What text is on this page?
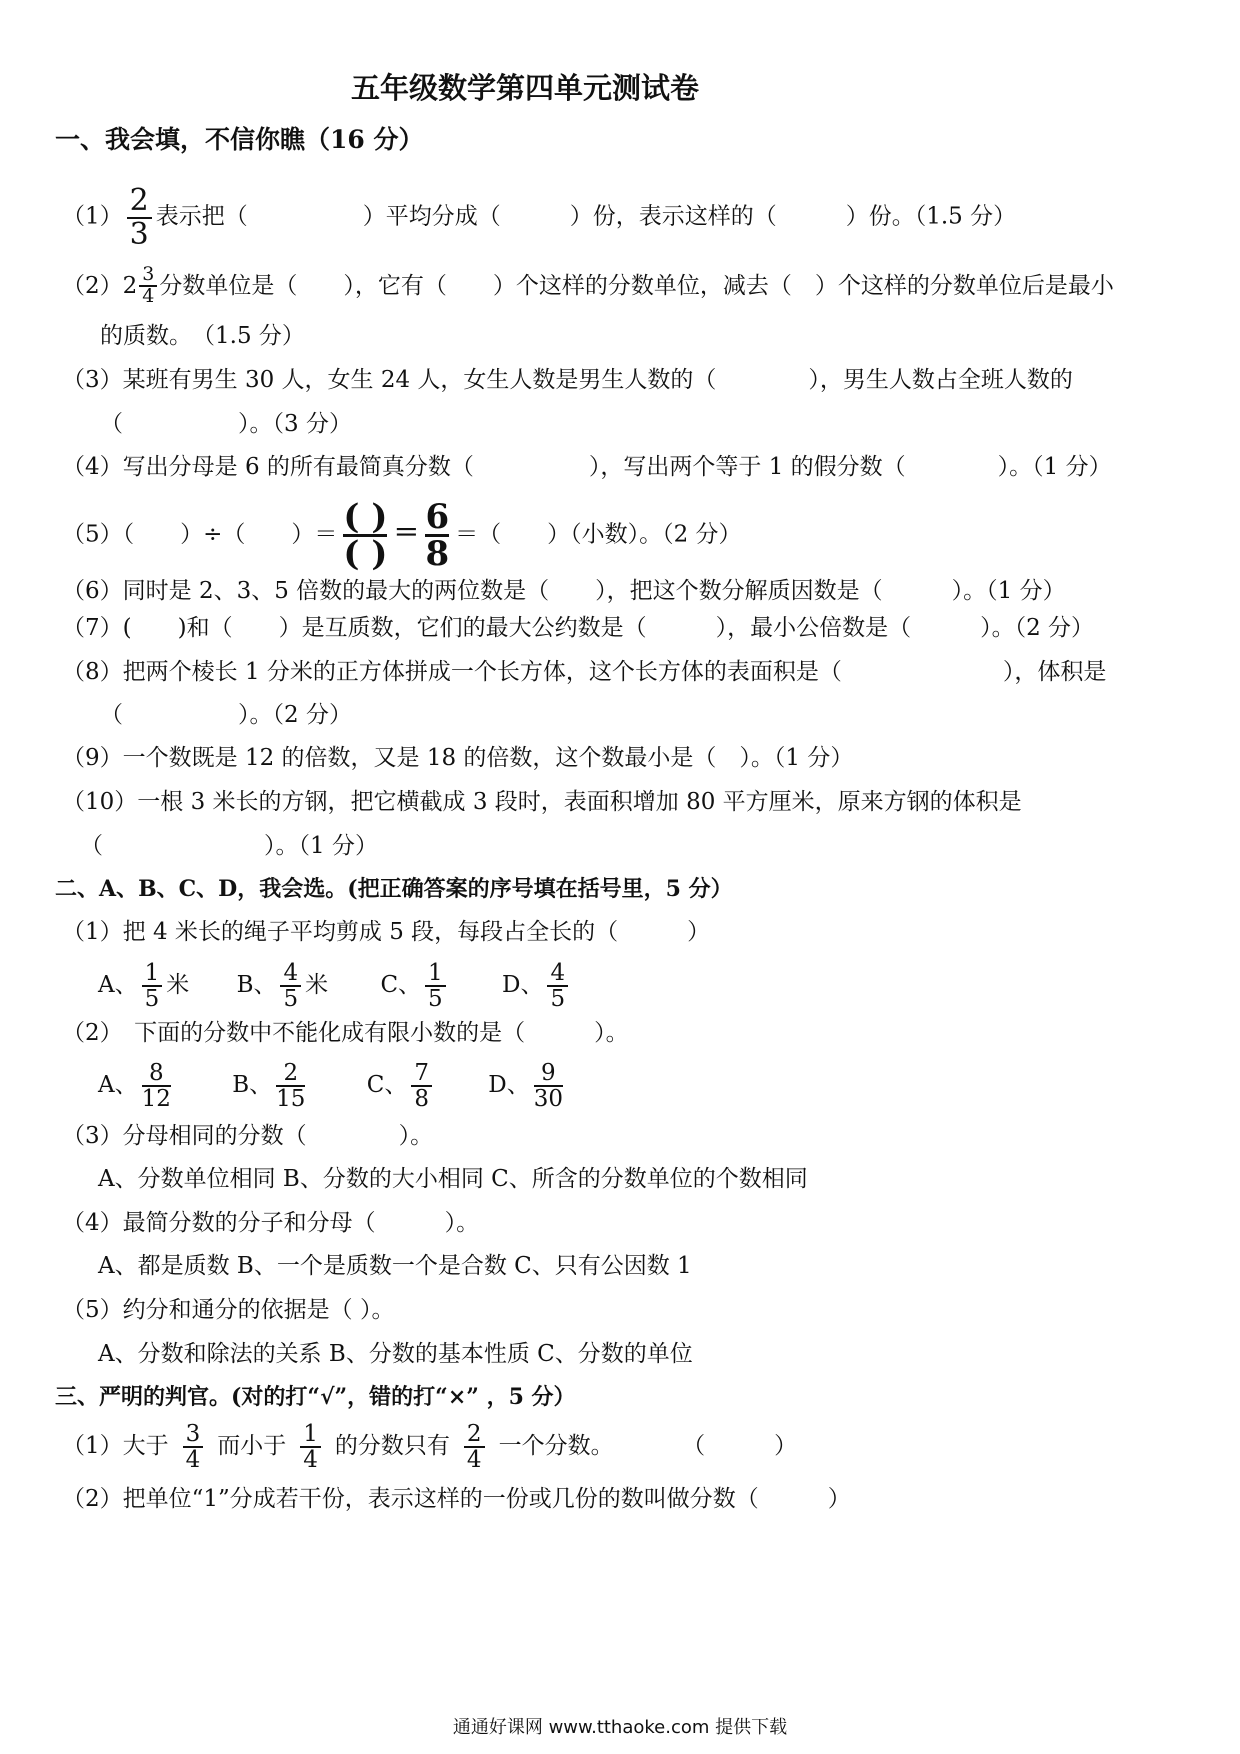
五年级数学第四单元测试卷
一、我会填，不信你瞧（16 分）
$(1) \frac{2}{3}$ 表示把（　　　　　）平均分成（　　　）份，表示这样的（　　　）份。（1.5 分）
（2） $2 \frac{3}{4}$ 分数单位是（　　），它有（　　）个这样的分数单位，减去（　）个这样的分数单位后是最小
的质数。　（1.5 分）
（3）某班有男生 30 人，女生 24 人，女生人数是男生人数的（　　　　），男生人数占全班人数的
（　　　　　）。（3 分）
（4）写出分母是 6 的所有最简真分数（　　　　　），写出两个等于 1 的假分数（　　　　）。（1 分）
（5）（　　）÷（　　）＝ $\frac{( )}{( )} = \frac{6}{8}$ ＝（　　）（小数）。（2 分）
（6）同时是 2、3、5 倍数的最大的两位数是（　　），把这个数分解质因数是（　　　）。（1 分）
（7）(　　)和（　　）是互质数，它们的最大公约数是（　　　），最小公倍数是（　　　）。（2 分）
（8）把两个棱长 1 分米的正方体拼成一个长方体，这个长方体的表面积是（　　　　　　　），体积是
（　　　　　）。（2 分）
（9）一个数既是 12 的倍数，又是 18 的倍数，这个数最小是（　）。（1 分）
（10）一根 3 米长的方钢，把它横截成 3 段时，表面积增加 80 平方厘米，原来方钢的体积是
（　　　　　　　）。（1 分）
二、A、B、C、D，我会选。(把正确答案的序号填在括号里，5 分）
（1）把 4 米长的绳子平均剪成 5 段，每段占全长的（　　　）
A、 $\frac{1}{5}$ 米 B、 $\frac{4}{5}$ 米 C、 $\frac{1}{5}$ D、 $\frac{4}{5}$
（2）　下面的分数中不能化成有限小数的是（　　　）。
A、 $\frac{8}{12}$	B、 $\frac{2}{15}$	C、 $\frac{7}{8}$ D、 $\frac{9}{30}$
（3）分母相同的分数（　　　　）。
A、分数单位相同 B、分数的大小相同 C、所含的分数单位的个数相同
（4）最简分数的分子和分母（　　　）。
A、都是质数 B、一个是质数一个是合数 C、只有公因数 1
（5）约分和通分的依据是（ ）。
A、分数和除法的关系 B、分数的基本性质 C、分数的单位
三、严明的判官。(对的打“√”，错的打“×” ，5 分）
（1）大于 $\frac{3}{4}$ 而小于 $\frac{1}{4}$ 的分数只有 $\frac{2}{4}$ 一个分数。	（　　　）
（2）把单位“1”分成若干份，表示这样的一份或几份的数叫做分数（　　　）
通通好课网 www.tthaoke.com 提供下载
